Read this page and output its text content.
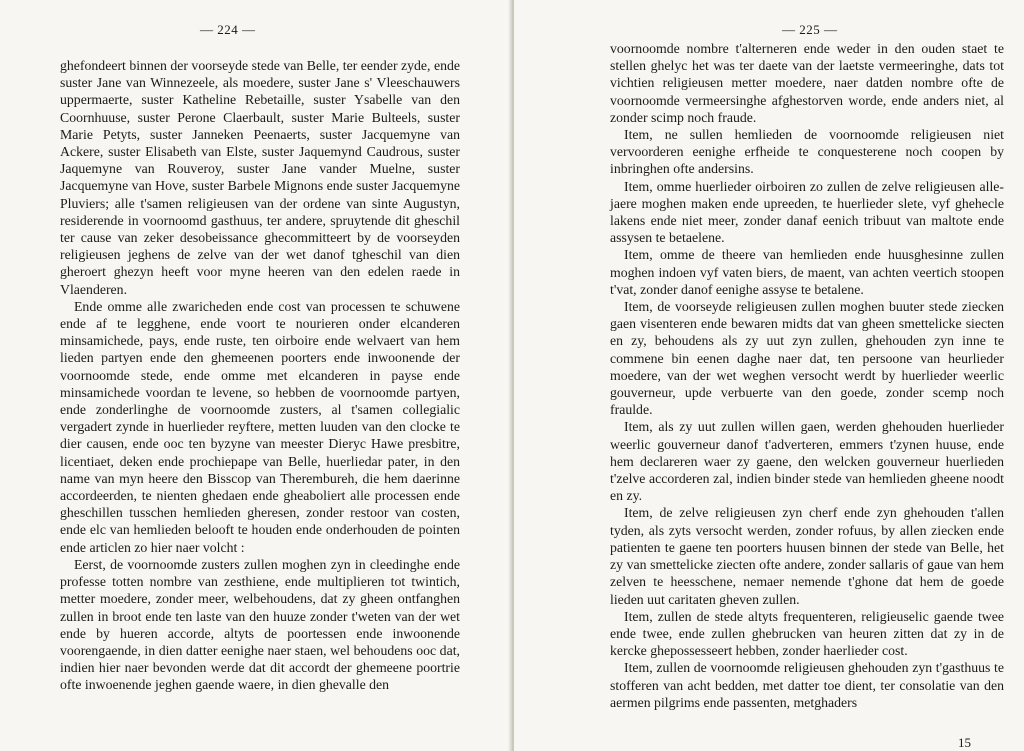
— 224 —

ghefondeert binnen der voorseyde stede van Belle, ter eender zyde, ende suster Jane van Winnezeele, als moedere, suster Jane s' Vleeschauwers uppermaerte, suster Katheline Rebetaille, suster Ysabelle van den Coornhuuse, suster Perone Claerbault, suster Marie Bulteels, suster Marie Petyts, suster Janneken Peenaerts, suster Jacquemyne van Ackere, suster Elisabeth van Elste, suster Jaquemynd Caudrous, suster Jaquemyne van Rouveroy, suster Jane vander Muelne, suster Jacquemyne van Hove, suster Barbele Mignons ende suster Jacquemyne Pluviers; alle t'samen religieusen van der ordene van sinte Augustyn, residerende in voornoomd gasthuus, ter andere, spruytende dit gheschil ter cause van zeker desobeissance ghecommitteert by de voorseyden religieusen jeghens de zelve van der wet danof tgheschil van dien gheroert ghezyn heeft voor myne heeren van den edelen raede in Vlaenderen.

Ende omme alle zwaricheden ende cost van processen te schuwene ende af te legghene, ende voort te nourieren onder elcanderen minsamichede, pays, ende ruste, ten oirboire ende welvaert van hem lieden partyen ende den ghemeenen poorters ende inwoonende der voornoomde stede, ende omme met elcanderen in payse ende minsamichede voordan te levene, so hebben de voornoomde partyen, ende zonderlinghe de voornoomde zusters, al t'samen collegialic vergadert zynde in huerlieder reyftere, metten luuden van den clocke te dier causen, ende ooc ten byzyne van meester Dieryc Hawe presbitre, licentiaet, deken ende prochiepape van Belle, huerliedar pater, in den name van myn heere den Bisscop van Therembureh, die hem daerinne accordeerden, te nienten ghedaen ende gheaboliert alle processen ende gheschillen tusschen hemlieden gheresen, zonder restoor van costen, ende elc van hemlieden belooft te houden ende onderhouden de pointen ende articlen zo hier naer volcht :

Eerst, de voornoomde zusters zullen moghen zyn in cleedinghe ende professe totten nombre van zesthiene, ende multiplieren tot twintich, metter moedere, zonder meer, welbehoudens, dat zy gheen ontfanghen zullen in broot ende ten laste van den huuze zonder t'weten van der wet ende by hueren accorde, altyts de poortessen ende inwoonende voorengaende, in dien datter eenighe naer staen, wel behoudens ooc dat, indien hier naer bevonden werde dat dit accordt der ghemeene poortrie ofte inwoenende jeghen gaende waere, in dien ghevalle den

— 225 —

voornoomde nombre t'alterneren ende weder in den ouden staet te stellen ghelyc het was ter daete van der laetste vermeeringhe, dats tot vichtien religieusen metter moedere, naer datden nombre ofte de voornoomde vermeersinghe afghestorven worde, ende anders niet, al zonder scimp noch fraude.

Item, ne sullen hemlieden de voornoomde religieusen niet vervoorderen eenighe erfheide te conquesterene noch coopen by inbringhen ofte andersins.

Item, omme huerlieder oirboiren zo zullen de zelve religieusen alle-jaere moghen maken ende upreeden, te huerlieder slete, vyf ghehecle lakens ende niet meer, zonder danaf eenich tribuut van maltote ende assysen te betaelene.

Item, omme de theere van hemlieden ende huusghesinne zullen moghen indoen vyf vaten biers, de maent, van achten veertich stoopen t'vat, zonder danof eenighe assyse te betalene.

Item, de voorseyde religieusen zullen moghen buuter stede ziecken gaen visenteren ende bewaren midts dat van gheen smettelicke siecten en zy, behoudens als zy uut zyn zullen, ghehouden zyn inne te commene bin eenen daghe naer dat, ten persoone van heurlieder moedere, van der wet weghen versocht werdt by huerlieder weerlic gouverneur, upde verbuerte van den goede, zonder scemp noch fraulde.

Item, als zy uut zullen willen gaen, werden ghehouden huerlieder weerlic gouverneur danof t'adverteren, emmers t'zynen huuse, ende hem declareren waer zy gaene, den welcken gouverneur huerlieden t'zelve accorderen zal, indien binder stede van hemlieden gheene noodt en zy.

Item, de zelve religieusen zyn cherf ende zyn ghehouden t'allen tyden, als zyts versocht werden, zonder rofuus, by allen ziecken ende patienten te gaene ten poorters huusen binnen der stede van Belle, het zy van smettelicke ziecten ofte andere, zonder sallaris of gaue van hem zelven te heesschene, nemaer nemende t'ghone dat hem de goede lieden uut caritaten gheven zullen.

Item, zullen de stede altyts frequenteren, religieuselic gaende twee ende twee, ende zullen ghebrucken van heuren zitten dat zy in de kercke ghepossesseert hebben, zonder haerlieder cost.

Item, zullen de voornoomde religieusen ghehouden zyn t'gasthuus te stofferen van acht bedden, met datter toe dient, ter consolatie van den aermen pilgrims ende passenten, metghaders

15
